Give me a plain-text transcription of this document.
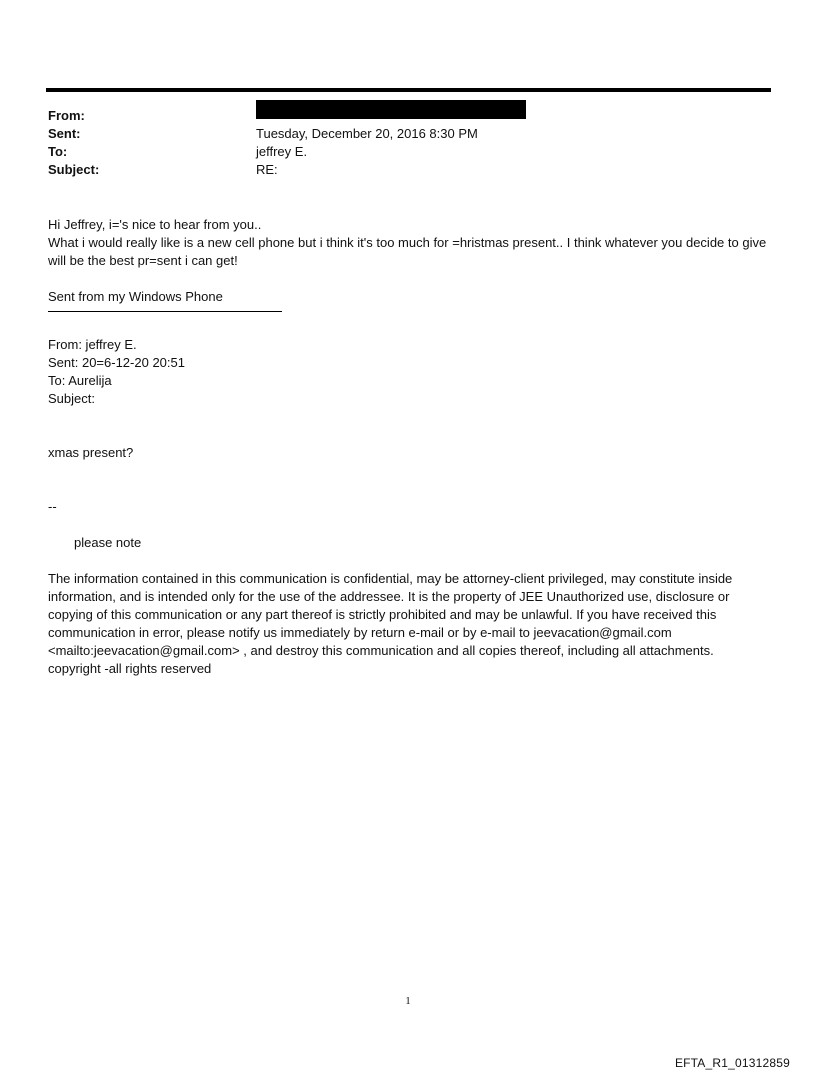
From:
Sent:	Tuesday, December 20, 2016 8:30 PM
To:	jeffrey E.
Subject:	RE:

Hi Jeffrey, i='s nice to hear from you..

What i would really like is a new cell phone but i think it's too much for =hristmas present.. I think whatever you decide to give will be the best pr=sent i can get!

Sent from my Windows Phone

From: jeffrey E.

Sent: 20=6-12-20 20:51

To: Aurelija

Subject:

xmas present?

--

please note

The information contained in this communication is confidential, may be attorney-client privileged, may constitute inside information, and is intended only for the use of the addressee. It is the property of JEE Unauthorized use, disclosure or copying of this communication or any part thereof is strictly prohibited and may be unlawful. If you have received this communication in error, please notify us immediately by return e-mail or by e-mail to jeevacation@gmail.com <mailto:jeevacation@gmail.com> , and destroy this communication and all copies thereof, including all attachments. copyright -all rights reserved

1
EFTA_R1_01312859
